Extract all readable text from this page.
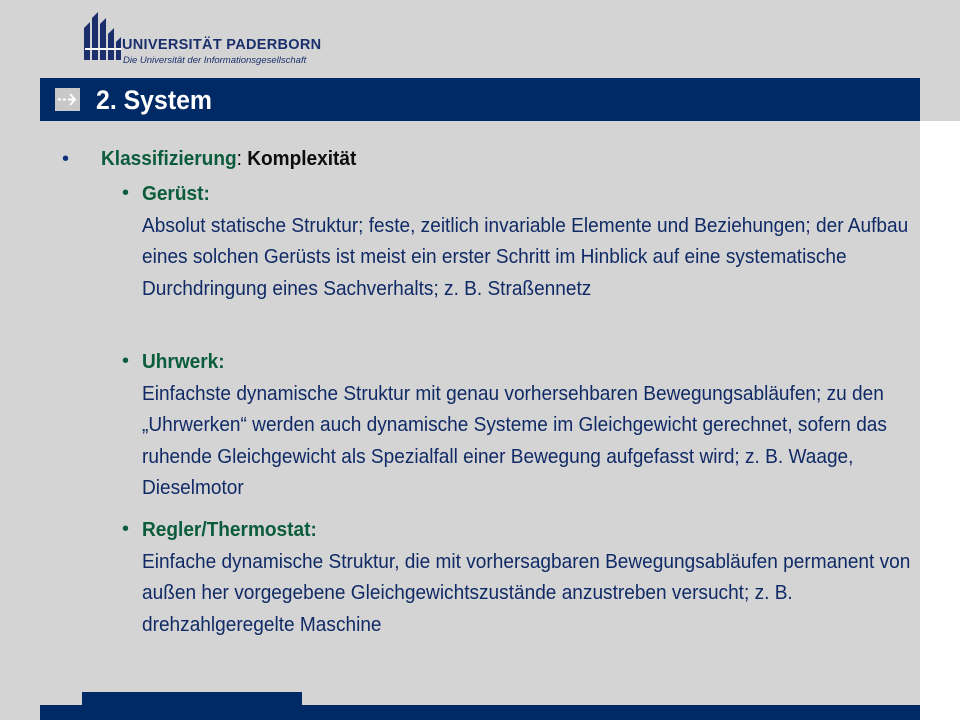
UNIVERSITÄT PADERBORN
Die Universität der Informationsgesellschaft
2. System
• Klassifizierung: Komplexität
• Gerüst:
Absolut statische Struktur; feste, zeitlich invariable Elemente und Beziehungen; der Aufbau eines solchen Gerüsts ist meist ein erster Schritt im Hinblick auf eine systematische Durchdringung eines Sachverhalts; z. B. Straßennetz
• Uhrwerk:
Einfachste dynamische Struktur mit genau vorhersehbaren Bewegungsabläufen; zu den „Uhrwerken“ werden auch dynamische Systeme im Gleichgewicht gerechnet, sofern das ruhende Gleichgewicht als Spezialfall einer Bewegung aufgefasst wird; z. B. Waage, Dieselmotor
• Regler/Thermostat:
Einfache dynamische Struktur, die mit vorhersagbaren Bewegungsabläufen permanent von außen her vorgegebene Gleichgewichtszustände anzustreben versucht; z. B. drehzahlgeregelte Maschine
